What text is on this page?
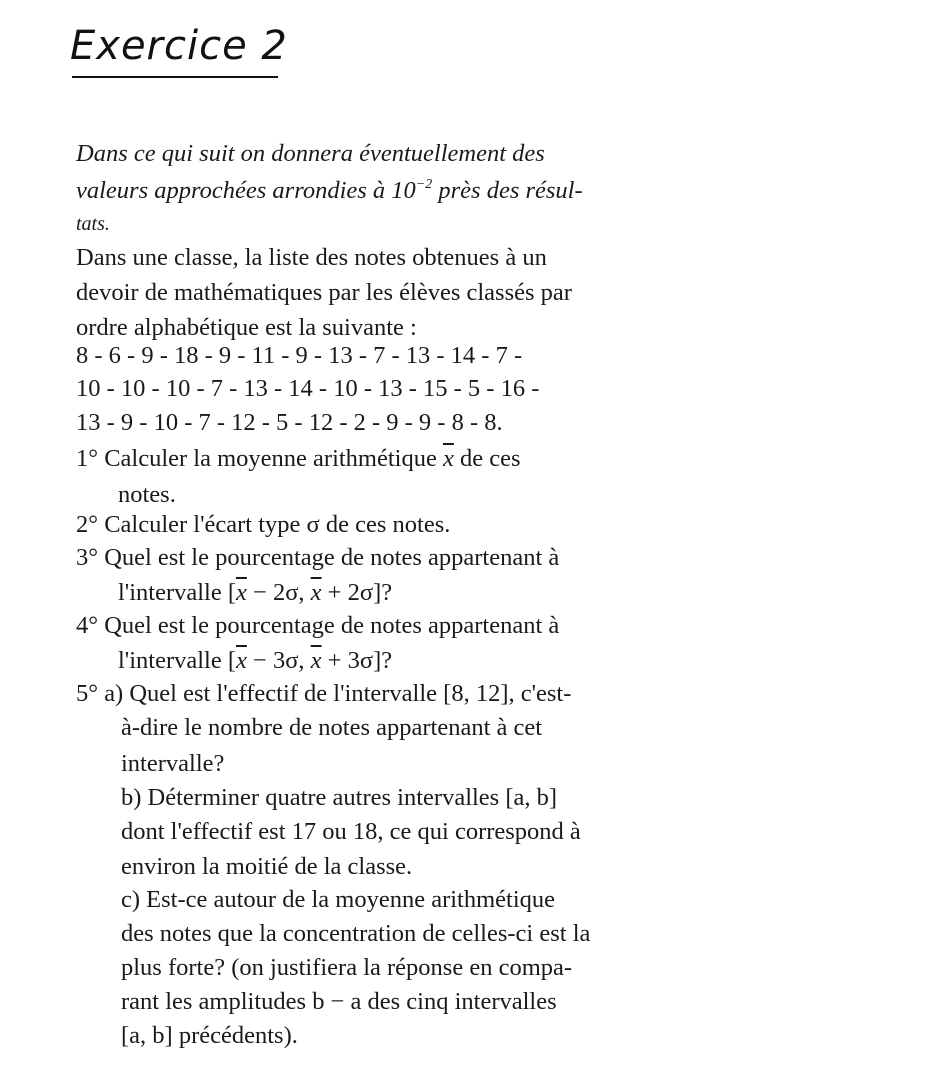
Exercice 2
Dans ce qui suit on donnera éventuellement des
valeurs approchées arrondies à $10^{-2}$ près des résul-
tats.
Dans une classe, la liste des notes obtenues à un
devoir de mathématiques par les élèves classés par
ordre alphabétique est la suivante :
8 - 6 - 9 - 18 - 9 - 11 - 9 - 13 - 7 - 13 - 14 - 7 -
10 - 10 - 10 - 7 - 13 - 14 - 10 - 13 - 15 - 5 - 16 -
13 - 9 - 10 - 7 - 12 - 5 - 12 - 2 - 9 - 9 - 8 - 8.
1° Calculer la moyenne arithmétique $\overline{x}$ de ces
notes.
2° Calculer l'écart type σ de ces notes.
3° Quel est le pourcentage de notes appartenant à
l'intervalle [$\overline{x} - 2\sigma$, $\overline{x} + 2\sigma$]?
4° Quel est le pourcentage de notes appartenant à
l'intervalle [$\overline{x} - 3\sigma$, $\overline{x} + 3\sigma$]?
5° a) Quel est l'effectif de l'intervalle [8, 12], c'est-
à-dire le nombre de notes appartenant à cet
intervalle?
b) Déterminer quatre autres intervalles [a, b]
dont l'effectif est 17 ou 18, ce qui correspond à
environ la moitié de la classe.
c) Est-ce autour de la moyenne arithmétique
des notes que la concentration de celles-ci est la
plus forte? (on justifiera la réponse en compa-
rant les amplitudes b − a des cinq intervalles
[a, b] précédents).
